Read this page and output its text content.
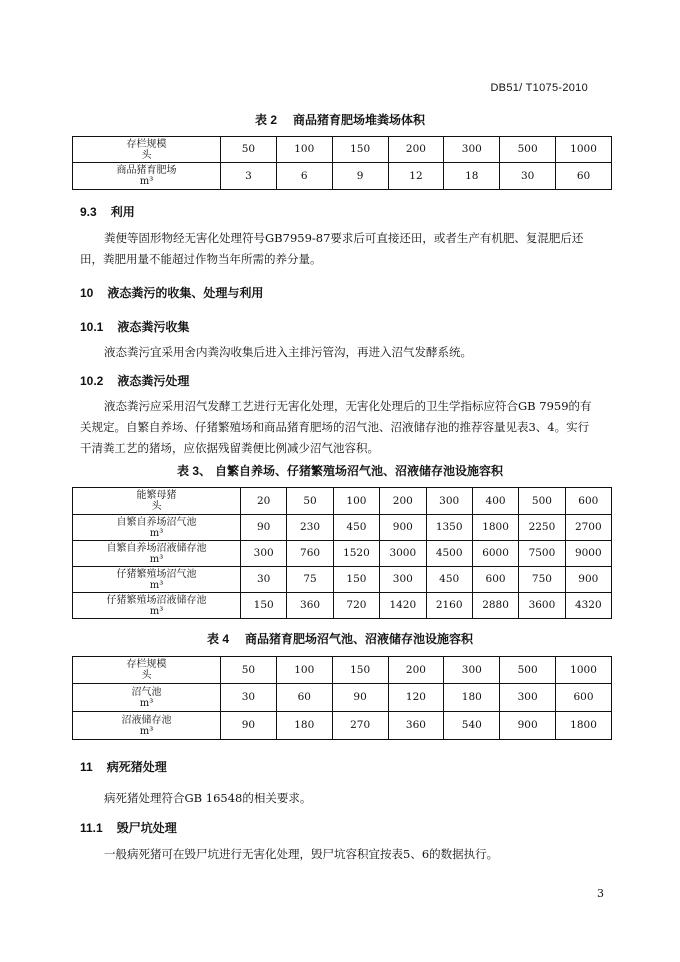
DB51/ T1075-2010
表 2 商品猪育肥场堆粪场体积
存栏规模
头	50	100	150	200	300	500	1000
商品猪育肥场
m³	3	6	9	12	18	30	60
9.3 利用
粪便等固形物经无害化处理符号GB7959-87要求后可直接还田，或者生产有机肥、复混肥后还田，粪肥用量不能超过作物当年所需的养分量。
10 液态粪污的收集、处理与利用
10.1 液态粪污收集
液态粪污宜采用舍内粪沟收集后进入主排污管沟，再进入沼气发酵系统。
10.2 液态粪污处理
液态粪污应采用沼气发酵工艺进行无害化处理，无害化处理后的卫生学指标应符合GB 7959的有关规定。自繁自养场、仔猪繁殖场和商品猪育肥场的沼气池、沼液储存池的推荐容量见表3、4。实行干清粪工艺的猪场，应依据残留粪便比例减少沼气池容积。
表 3、 自繁自养场、仔猪繁殖场沼气池、沼液储存池设施容积
能繁母猪
头	20	50	100	200	300	400	500	600
自繁自养场沼气池
m³	90	230	450	900	1350	1800	2250	2700
自繁自养场沼液储存池
m³	300	760	1520	3000	4500	6000	7500	9000
仔猪繁殖场沼气池
m³	30	75	150	300	450	600	750	900
仔猪繁殖场沼液储存池
m³	150	360	720	1420	2160	2880	3600	4320
表 4 商品猪育肥场沼气池、沼液储存池设施容积
存栏规模
头	50	100	150	200	300	500	1000
沼气池
m³	30	60	90	120	180	300	600
沼液储存池
m³	90	180	270	360	540	900	1800
11 病死猪处理
病死猪处理符合GB 16548的相关要求。
11.1 毁尸坑处理
一般病死猪可在毁尸坑进行无害化处理，毁尸坑容积宜按表5、6的数据执行。
3
